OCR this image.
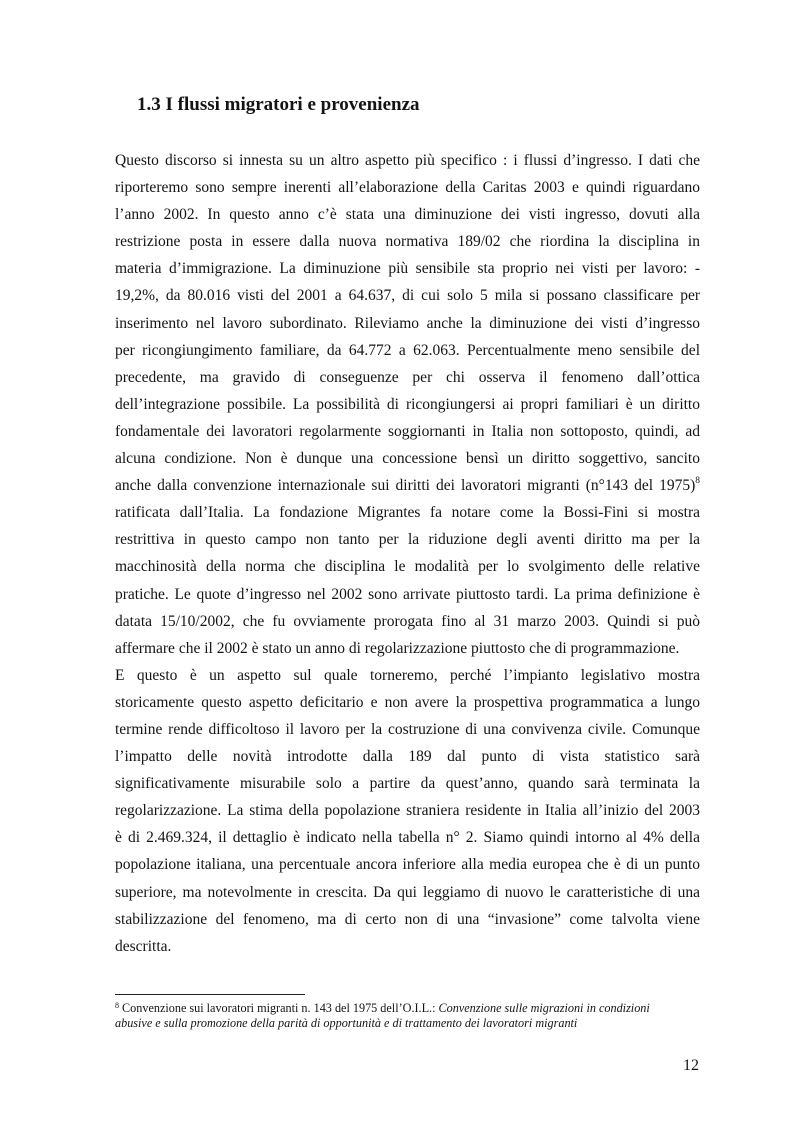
1.3 I flussi migratori e provenienza
Questo discorso si innesta su un altro aspetto più specifico : i flussi d’ingresso. I dati che
riporteremo sono sempre inerenti all’elaborazione della Caritas 2003 e quindi riguardano
l’anno 2002. In questo anno c’è stata una diminuzione dei visti ingresso, dovuti alla
restrizione posta in essere dalla nuova normativa 189/02 che riordina la disciplina in
materia d’immigrazione. La diminuzione più sensibile sta proprio nei visti per lavoro: -
19,2%, da 80.016 visti del 2001 a 64.637, di cui solo 5 mila si possano classificare per
inserimento nel lavoro subordinato. Rileviamo anche la diminuzione dei visti d’ingresso
per ricongiungimento familiare, da 64.772 a 62.063. Percentualmente meno sensibile del
precedente, ma gravido di conseguenze per chi osserva il fenomeno dall’ottica
dell’integrazione possibile. La possibilità di ricongiungersi ai propri familiari è un diritto
fondamentale dei lavoratori regolarmente soggiornanti in Italia non sottoposto, quindi, ad
alcuna condizione. Non è dunque una concessione bensì un diritto soggettivo, sancito
anche dalla convenzione internazionale sui diritti dei lavoratori migranti (n°143 del 1975)$^8$
ratificata dall’Italia. La fondazione Migrantes fa notare come la Bossi-Fini si mostra
restrittiva in questo campo non tanto per la riduzione degli aventi diritto ma per la
macchinosità della norma che disciplina le modalità per lo svolgimento delle relative
pratiche. Le quote d’ingresso nel 2002 sono arrivate piuttosto tardi. La prima definizione è
datata 15/10/2002, che fu ovviamente prorogata fino al 31 marzo 2003. Quindi si può
affermare che il 2002 è stato un anno di regolarizzazione piuttosto che di programmazione.
E questo è un aspetto sul quale torneremo, perché l’impianto legislativo mostra
storicamente questo aspetto deficitario e non avere la prospettiva programmatica a lungo
termine rende difficoltoso il lavoro per la costruzione di una convivenza civile. Comunque
l’impatto delle novità introdotte dalla 189 dal punto di vista statistico sarà
significativamente misurabile solo a partire da quest’anno, quando sarà terminata la
regolarizzazione. La stima della popolazione straniera residente in Italia all’inizio del 2003
è di 2.469.324, il dettaglio è indicato nella tabella n° 2. Siamo quindi intorno al 4% della
popolazione italiana, una percentuale ancora inferiore alla media europea che è di un punto
superiore, ma notevolmente in crescita. Da qui leggiamo di nuovo le caratteristiche di una
stabilizzazione del fenomeno, ma di certo non di una “invasione” come talvolta viene
descritta.
$^8$ Convenzione sui lavoratori migranti n. 143 del 1975 dell’O.I.L.: Convenzione sulle migrazioni in condizioni
abusive e sulla promozione della parità di opportunità e di trattamento dei lavoratori migranti
12
